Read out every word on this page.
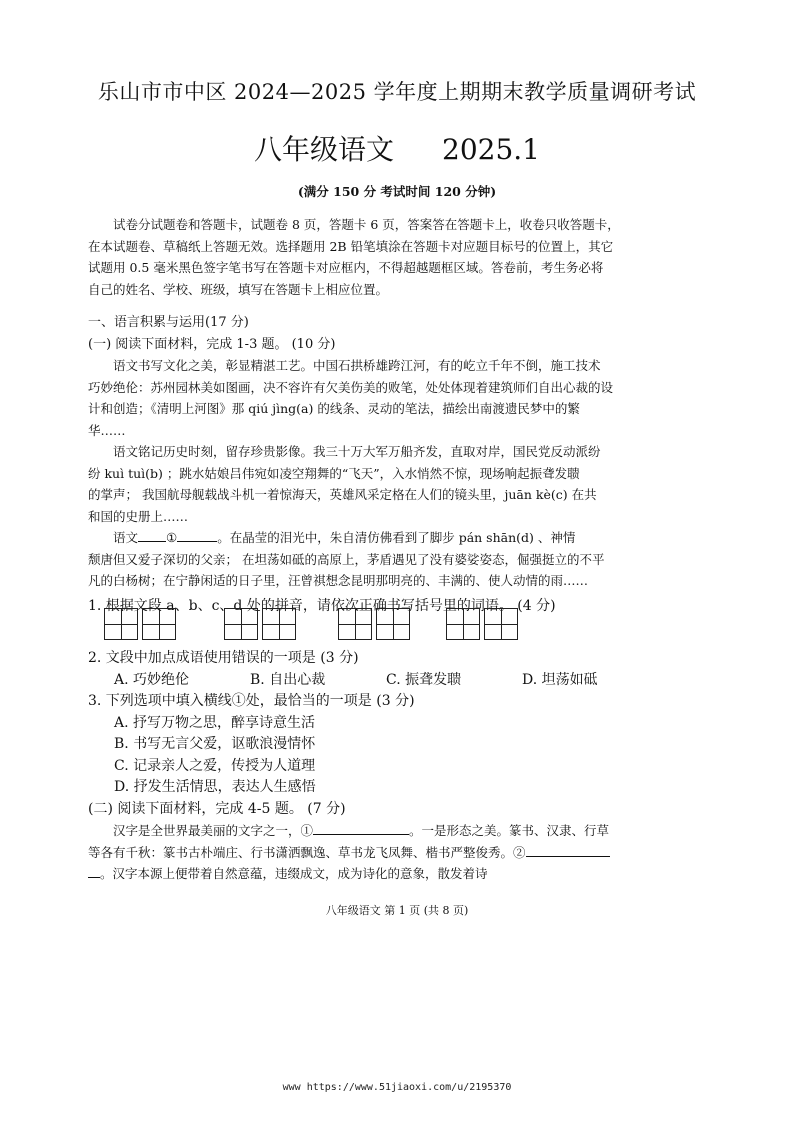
乐山市市中区 2024—2025 学年度上期期末教学质量调研考试
八年级语文 2025.1
(满分 150 分 考试时间 120 分钟)

试卷分试题卷和答题卡，试题卷 8 页，答题卡 6 页，答案答在答题卡上，收卷只收答题卡，

在本试题卷、草稿纸上答题无效。选择题用 2B 铅笔填涂在答题卡对应题目标号的位置上，其它

试题用 0.5 毫米黑色签字笔书写在答题卡对应框内，不得超越题框区域。答卷前，考生务必将

自己的姓名、学校、班级，填写在答题卡上相应位置。

一、语言积累与运用(17 分)

(一) 阅读下面材料，完成 1-3 题。 (10 分)

语文书写文化之美，彰显精湛工艺。中国石拱桥雄跨江河，有的屹立千年不倒，施工技术

巧妙绝伦：苏州园林美如图画，决不容许有欠美伤美的败笔，处处体现着建筑师们自出心裁的设

计和创造；《清明上河图》那 qiú jìng(a) 的线条、灵动的笔法，描绘出南渡遗民梦中的繁

华……

语文铭记历史时刻，留存珍贵影像。我三十万大军万船齐发，直取对岸，国民党反动派纷

纷 kuì tuì(b) ；跳水姑娘吕伟宛如凌空翔舞的“飞天”，入水悄然不惊，现场响起振聋发聩

的掌声； 我国航母舰载战斗机一着惊海天，英雄风采定格在人们的镜头里，juān kè(c) 在共

和国的史册上……

语文 ①	。在晶莹的泪光中，朱自清仿佛看到了脚步 pán shān(d) 、神情

颓唐但又爱子深切的父亲； 在坦荡如砥的高原上，茅盾遇见了没有婆娑姿态，倔强挺立的不平

凡的白杨树；在宁静闲适的日子里，汪曾祺想念昆明那明亮的、丰满的、使人动情的雨……

1. 根据文段 a、b、c、d 处的拼音，请依次正确书写括号里的词语。 (4 分)

2. 文段中加点成语使用错误的一项是 (3 分)

A. 巧妙绝伦	B. 自出心裁	C. 振聋发聩	D. 坦荡如砥

3. 下列选项中填入横线①处，最恰当的一项是 (3 分)

A. 抒写万物之思，醉享诗意生活

B. 书写无言父爱，讴歌浪漫情怀

C. 记录亲人之爱，传授为人道理

D. 抒发生活情思，表达人生感悟

(二) 阅读下面材料，完成 4-5 题。 (7 分)

汉字是全世界最美丽的文字之一，①	。一是形态之美。篆书、汉隶、行草

等各有千秋：篆书古朴端庄、行书潇洒飘逸、草书龙飞凤舞、楷书严整俊秀。②

。汉字本源上便带着自然意蕴，违缀成文，成为诗化的意象，散发着诗

八年级语文 第 1 页 (共 8 页)
www https://www.51jiaoxi.com/u/2195370
